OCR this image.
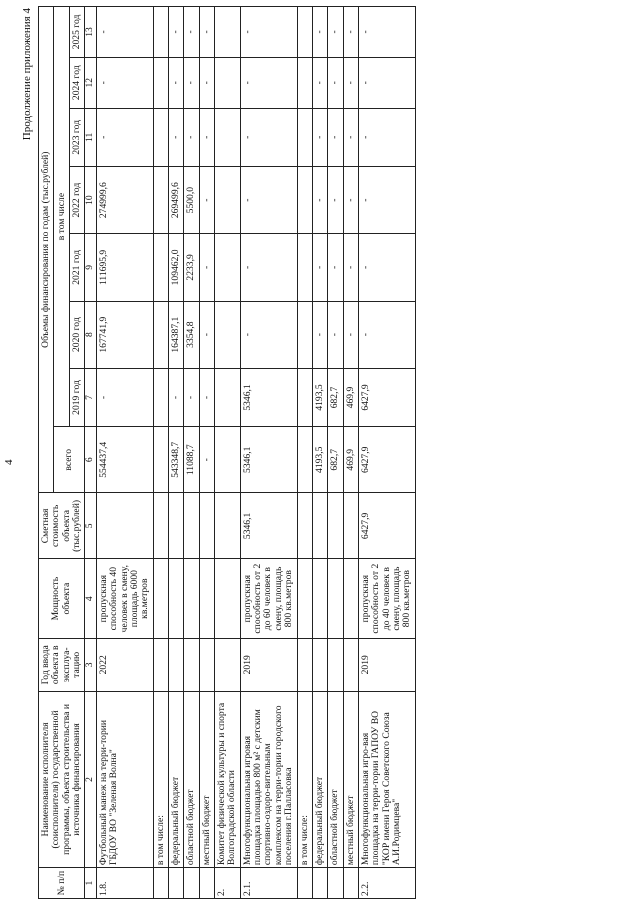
4
Продолжение приложения 4
№ п/п	Наименование исполнителя (соисполнителя) государственной программы, объекта строительства и источника финансирования	Год ввода объекта в эксплуа-тацию	Мощность объекта	Сметная стоимость объекта (тыс.рублей)	Объемы финансирования по годам (тыс.рублей)							
					всего	в том числе						
						2019 год	2020 год	2021 год	2022 год	2023 год	2024 год	2025 год
1	2	3	4	5	6	7	8	9	10	11	12	13
1.8.	Футбольный манеж на терри-тории ГБДОУ ВО "Зеленая Волна"	2022	пропускная способность 40 человек в смену, площадь 6000 кв.метров		554437,4	-	167741,9	111695,9	274999,6	-	-	-
	в том числе:											
	федеральный бюджет				543348,7	-	164387,1	109462,0	269499,6	-	-	-
	областной бюджет				11088,7	-	3354,8	2233,9	5500,0	-	-	-
	местный бюджет				-	-	-	-	-	-	-	-
2.	Комитет физической культуры и спорта Волгоградской области											
2.1.	Многофункциональная игровая площадка площадью 800 м² с детским спортивно-оздоро-вительным комплексом на терри-тории городского поселения г.Палласовка	2019	пропускная способность от 2 до 60 человек в смену, площадь 800 кв.метров	5346,1	5346,1	5346,1	-	-	-	-	-	-
	в том числе:											
	федеральный бюджет				4193,5	4193,5	-	-	-	-	-	-
	областной бюджет				682,7	682,7	-	-	-	-	-	-
	местный бюджет				469,9	469,9	-	-	-	-	-	-
2.2.	Многофункциональная игро-вая площадка на терри-тории ГАПОУ ВО "КОР имени Героя Советского Союза А.И.Родимцева"	2019	пропускная способность от 2 до 40 человек в смену, площадь 800 кв.метров	6427,9	6427,9	6427,9	-	-	-	-	-	-
